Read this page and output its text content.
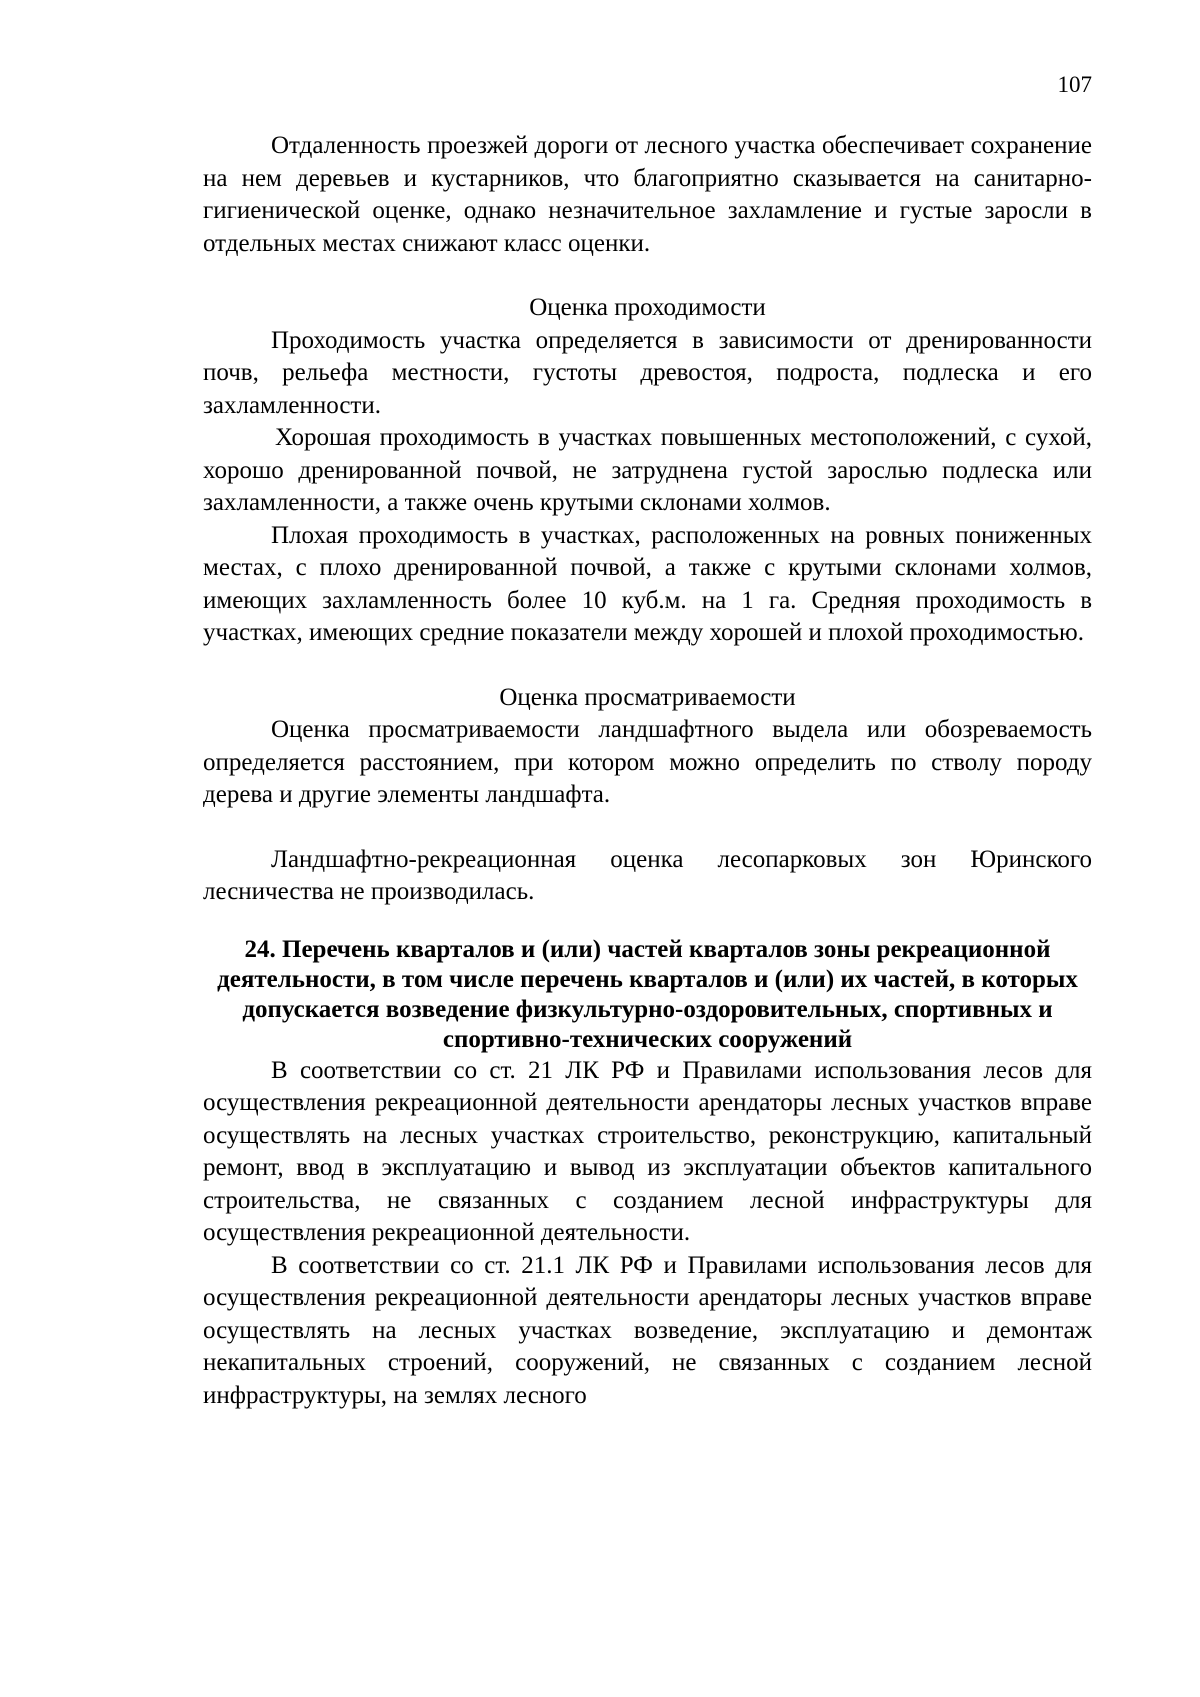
107

Отдаленность проезжей дороги от лесного участка обеспечивает сохранение на нем деревьев и кустарников, что благоприятно сказывается на санитарно-гигиенической оценке, однако незначительное захламление и густые заросли в отдельных местах снижают класс оценки.

Оценка проходимости

Проходимость участка определяется в зависимости от дренированности почв, рельефа местности, густоты древостоя, подроста, подлеска и его захламленности.

Хорошая проходимость в участках повышенных местоположений, с сухой, хорошо дренированной почвой, не затруднена густой зарослью подлеска или захламленности, а также очень крутыми склонами холмов.

Плохая проходимость в участках, расположенных на ровных пониженных местах, с плохо дренированной почвой, а также с крутыми склонами холмов, имеющих захламленность более 10 куб.м. на 1 га. Средняя проходимость в участках, имеющих средние показатели между хорошей и плохой проходимостью.

Оценка просматриваемости

Оценка просматриваемости ландшафтного выдела или обозреваемость определяется расстоянием, при котором можно определить по стволу породу дерева и другие элементы ландшафта.

Ландшафтно-рекреационная оценка лесопарковых зон Юринского лесничества не производилась.

24. Перечень кварталов и (или) частей кварталов зоны рекреационной деятельности, в том числе перечень кварталов и (или) их частей, в которых допускается возведение физкультурно-оздоровительных, спортивных и спортивно-технических сооружений

В соответствии со ст. 21 ЛК РФ и Правилами использования лесов для осуществления рекреационной деятельности арендаторы лесных участков вправе осуществлять на лесных участках строительство, реконструкцию, капитальный ремонт, ввод в эксплуатацию и вывод из эксплуатации объектов капитального строительства, не связанных с созданием лесной инфраструктуры для осуществления рекреационной деятельности.

В соответствии со ст. 21.1 ЛК РФ и Правилами использования лесов для осуществления рекреационной деятельности арендаторы лесных участков вправе осуществлять на лесных участках возведение, эксплуатацию и демонтаж некапитальных строений, сооружений, не связанных с созданием лесной инфраструктуры, на землях лесного
